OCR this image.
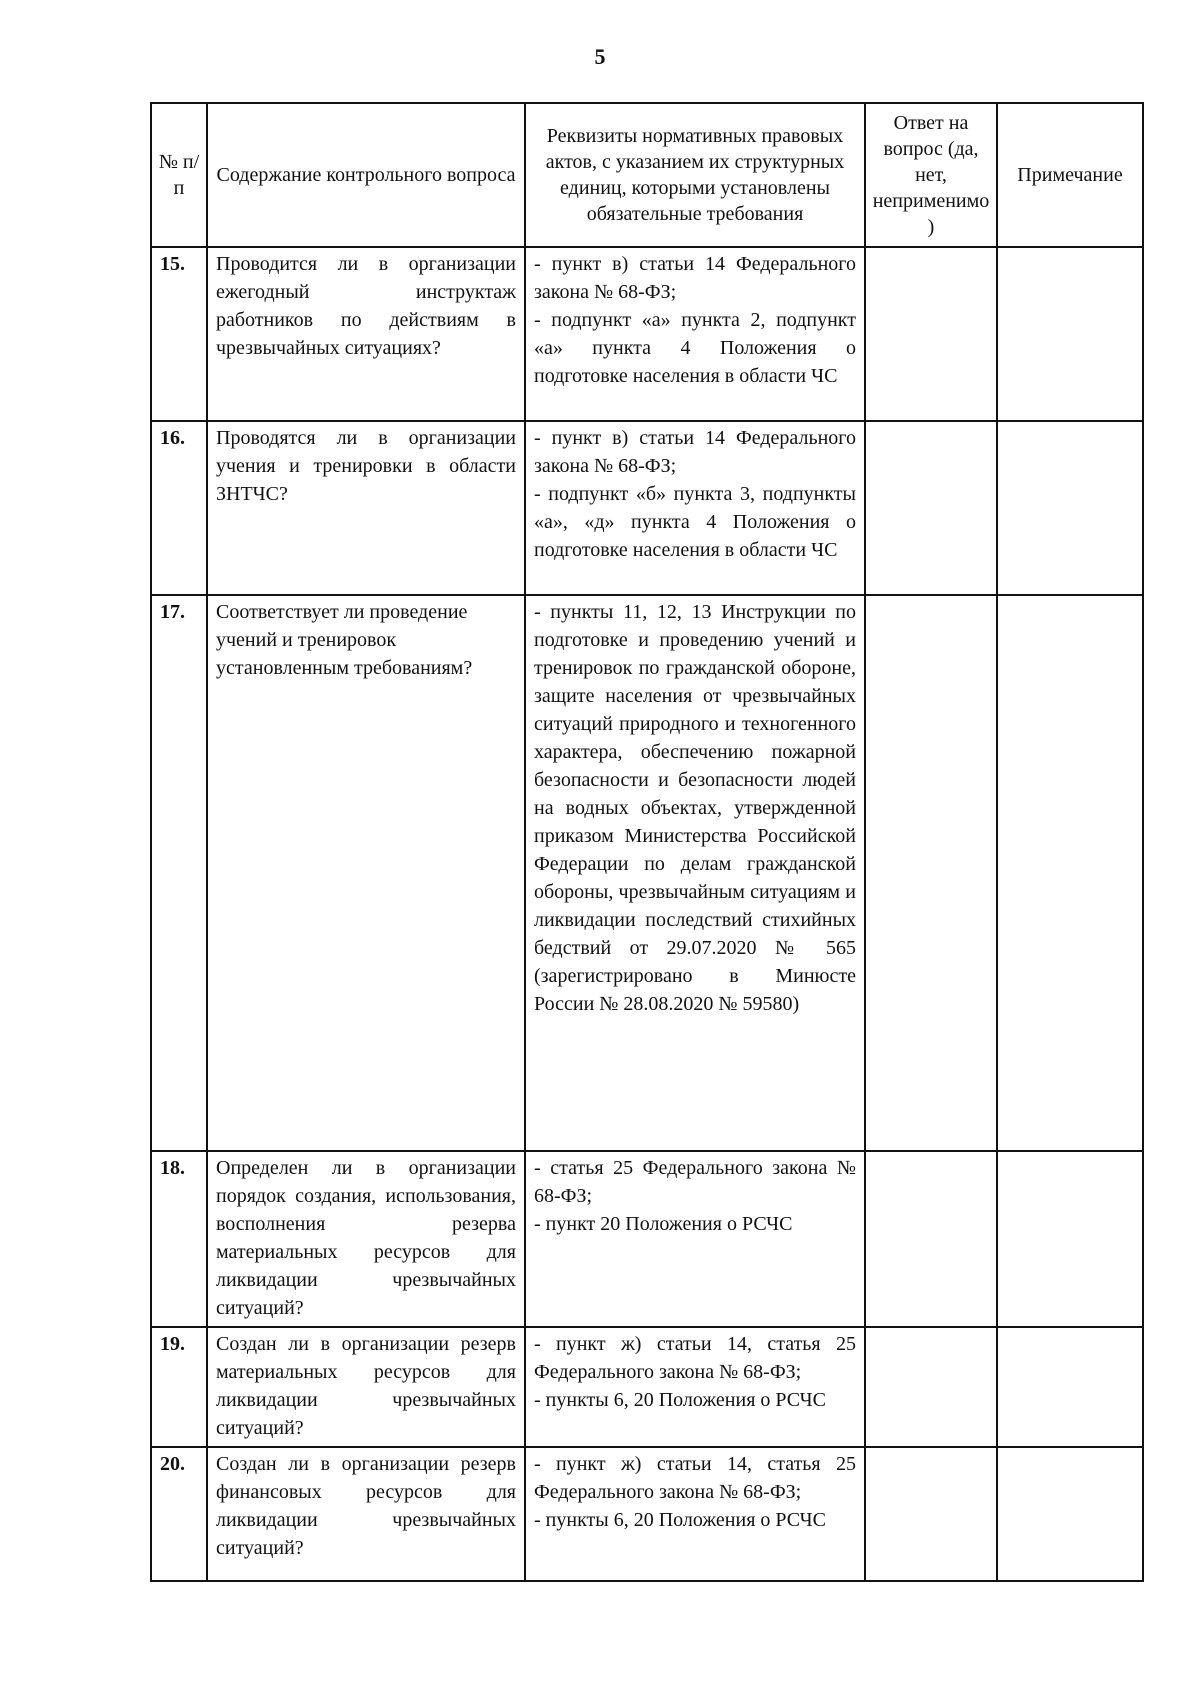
5
№ п/п	Содержание контрольного вопроса	Реквизиты нормативных правовых актов, с указанием их структурных единиц, которыми установлены обязательные требования	Ответ на вопрос (да, нет, неприменимо)	Примечание
15.	Проводится ли в организации ежегодный инструктаж работников по действиям в чрезвычайных ситуациях?	- пункт в) статьи 14 Федерального закона № 68-ФЗ;
- подпункт «а» пункта 2, подпункт «а» пункта 4 Положения о подготовке населения в области ЧС		

16.	Проводятся ли в организации учения и тренировки в области ЗНТЧС?	- пункт в) статьи 14 Федерального закона № 68-ФЗ;
- подпункт «б» пункта 3, подпункты «а», «д» пункта 4 Положения о подготовке населения в области ЧС		

17.	Соответствует ли проведение учений и тренировок установленным требованиям?	- пункты 11, 12, 13 Инструкции по подготовке и проведению учений и тренировок по гражданской обороне, защите населения от чрезвычайных ситуаций природного и техногенного характера, обеспечению пожарной безопасности и безопасности людей на водных объектах, утвержденной приказом Министерства Российской Федерации по делам гражданской обороны, чрезвычайным ситуациям и ликвидации последствий стихийных бедствий от 29.07.2020 № 565 (зарегистрировано в Минюсте России № 28.08.2020 № 59580)		

18.	Определен ли в организации порядок создания, использования, восполнения резерва материальных ресурсов для ликвидации чрезвычайных ситуаций?	- статья 25 Федерального закона № 68-ФЗ;
- пункт 20 Положения о РСЧС		

19.	Создан ли в организации резерв материальных ресурсов для ликвидации чрезвычайных ситуаций?	- пункт ж) статьи 14, статья 25 Федерального закона № 68-ФЗ;
- пункты 6, 20 Положения о РСЧС		

20.	Создан ли в организации резерв финансовых ресурсов для ликвидации чрезвычайных ситуаций?	- пункт ж) статьи 14, статья 25 Федерального закона № 68-ФЗ;
- пункты 6, 20 Положения о РСЧС		
